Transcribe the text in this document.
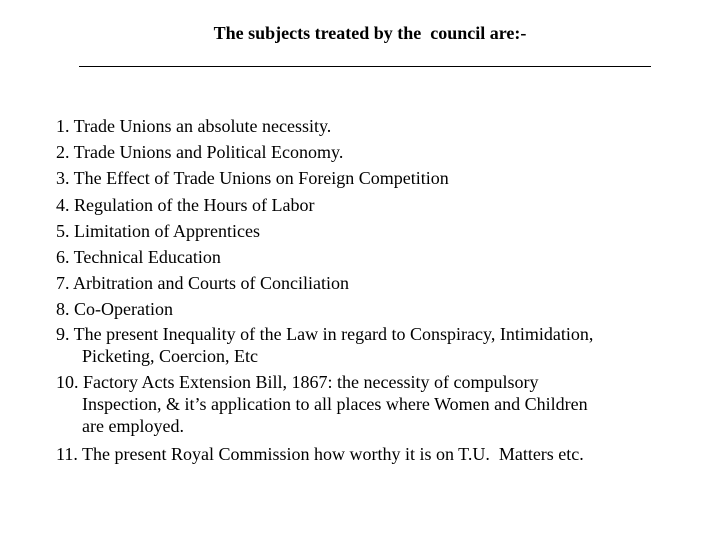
The subjects treated by the  council are:-
1. Trade Unions an absolute necessity.
2. Trade Unions and Political Economy.
3. The Effect of Trade Unions on Foreign Competition
4. Regulation of the Hours of Labor
5. Limitation of Apprentices
6. Technical Education
7. Arbitration and Courts of Conciliation
8. Co-Operation
9. The present Inequality of the Law in regard to Conspiracy, Intimidation,
Picketing, Coercion, Etc
10. Factory Acts Extension Bill, 1867: the necessity of compulsory
Inspection, & it’s application to all places where Women and Children
are employed.
11. The present Royal Commission how worthy it is on T.U.  Matters etc.
